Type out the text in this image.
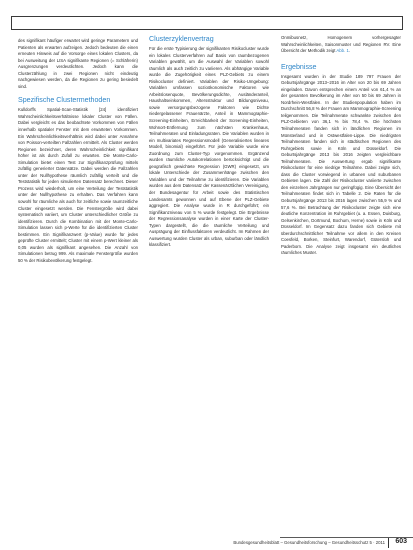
des signifikant häufiger erwartet wird geringe Parametern und Patienten als erwarten aufzeigen. Jedoch bedeuten die einen erneuten Hinweis auf die Vorsorge eines lokalen Clusters, da bei Ausweitung der LISA signifikante Regionen (= Schläfrerin) Ausgrenzungen verdeutlichten. Jedoch kann die Clusterzählung in zwei Regionen nicht eindeutig nachgewiesen werden, da die Regionen zu gering besiedelt sind.

Spezifische Clustermethoden

Kulldorffs Spatial-Scan-Statistik [24] identifiziert Wahrscheinlichkeitsverhältnisse lokaler Cluster von Fällen. Dabei vergleicht es das beobachtete Vorkommen von Fällen innerhalb spatialer Fenster mit dem erwarteten Vorkommen. Ein Wahrscheinlichkeitsverhältnis wird dabei unter Annahme von Poisson-verteilten Fallzahlen ermittelt. Als Cluster werden Regionen bezeichnet, deren Wahrscheinlichkeit signifikant höher ist als durch Zufall zu erwarten. Die Monte-Carlo-Simulation bietet einen Test zur Signifikanzprüfung mittels zufällig generierter Datensätze. Dabei werden die Fallzahlen unter der Nullhypothese räumlich zufällig verteilt und die Teststatistik für jeden simulierten Datensatz berechnet. Dieser Prozess wird wiederholt, um eine Verteilung der Teststatistik unter der Nullhypothese zu erhalten. Das Verfahren kann sowohl für räumliche als auch für zeitliche sowie raumzeitliche Cluster eingesetzt werden. Die Fenstergröße wird dabei systematisch variiert, um Cluster unterschiedlicher Größe zu identifizieren. Durch die Kombination mit der Monte-Carlo-Simulation lassen sich p-Werte für die identifizierten Cluster bestimmen. Ein Signifikanzwert (p-Value) wurde für jedes geprüfte Cluster ermittelt; Cluster mit einem p-Wert kleiner als 0,05 wurden als signifikant angesehen. Die Anzahl von Simulationen betrug 999. Als maximale Fenstergröße wurden 50 % der Risikobevölkerung festgelegt.

Clusterzyklenvertrag

Für die erste Typisierung der signifikanten Risikocluster wurde ein lokales Clusterverfahren auf Basis von raumbezogenen Variablen gewählt, um die Auswahl der Variablen sowohl räumlich als auch zeitlich zu variieren. Als abhängige Variable wurde die Zugehörigkeit eines PLZ-Gebiets zu einem Risikocluster definiert. Variablen der Risiko-Umgebung: Variablen umfassen sozioökonomische Faktoren wie Arbeitslosenquote, Bevölkerungsdichte, Ausländeranteil, Haushaltseinkommen, Altersstruktur und Bildungsniveau, sowie versorgungsbezogene Faktoren wie Dichte niedergelassener Frauenärzte, Anteil in Mammographie-Screening-Einheiten, Erreichbarkeit der Screening-Einheiten, Wohnort-Entfernung zum nächsten Krankenhaus, Teilnahmeraten und Einladungsraten. Die Variablen wurden in ein multivariates Regressionsmodell (Generalisiertes lineares Modell, binomial) eingeführt. Für jede Variable wurde eine Zuordnung zum Cluster-Typ vorgenommen. Ergänzend wurden räumliche Autokorrelationen berücksichtigt und die geografisch gewichtete Regression (GWR) eingesetzt, um lokale Unterschiede der Zusammenhänge zwischen den Variablen und der Teilnahme zu identifizieren. Die Variablen wurden aus dem Datensatz der Kassenärztlichen Vereinigung, der Bundesagentur für Arbeit sowie des Statistischen Landesamts gewonnen und auf Ebene der PLZ-Gebiete aggregiert. Die Analyse wurde in R durchgeführt; ein Signifikanzniveau von 5 % wurde festgelegt. Die Ergebnisse der Regressionsanalyse wurden in einer Karte der Cluster-Typen dargestellt, die die räumliche Verteilung und Ausprägung der Einflussfaktoren verdeutlicht. Im Rahmen der Auswertung wurden Cluster als urban, suburban oder ländlich klassifiziert.

Onmibusnetz, Homogenem vorhergesagter Wahrscheinlichkeiten, Saisonmuster und Regionen RV. Eine Übersicht der Methodik zeigt Abb. 1.

Ergebnisse

Insgesamt wurden in der Studie 189 797 Frauen der Geburtsjahrgänge 2013–2016 im Alter von 20 bis 69 Jahren eingeladen. Davon entsprechen einem Anteil von 61,4 % an der gesamten Bevölkerung im Alter von 50 bis 69 Jahren in Nordrhein-Westfalen. In der Studienpopulation haben im Durchschnitt 56,8 % der Frauen am Mammographie-Screening teilgenommen. Die Teilnahmerate schwankte zwischen den PLZ-Gebieten von 36,1 % bis 78,4 %. Die höchsten Teilnahmeraten fanden sich in ländlichen Regionen im Münsterland und in Ostwestfalen-Lippe. Die niedrigsten Teilnahmeraten fanden sich in städtischen Regionen des Ruhrgebiets sowie in Köln und Düsseldorf. Die Geburtsjahrgänge 2013 bis 2016 zeigten vergleichbare Teilnahmeraten. Die Auswertung ergab signifikante Risikocluster für eine niedrige Teilnahme. Dabei zeigte sich, dass die Cluster vorwiegend in urbanen und suburbanen Gebieten lagen. Die Zahl der Risikocluster variierte zwischen den einzelnen Jahrgängen nur geringfügig. Eine Übersicht der Teilnahmeraten findet sich in Tabelle 2. Die Raten für die Geburtsjahrgänge 2013 bis 2016 lagen zwischen 55,9 % und 57,6 %. Bei Betrachtung der Risikocluster zeigte sich eine deutliche Konzentration im Ruhrgebiet (u. a. Essen, Duisburg, Gelsenkirchen, Dortmund, Bochum, Herne) sowie in Köln und Düsseldorf. Im Gegensatz dazu fanden sich Gebiete mit überdurchschnittlicher Teilnahme vor allem in den Kreisen Coesfeld, Borken, Steinfurt, Warendorf, Gütersloh und Paderborn. Die Analyse zeigt insgesamt ein deutliches räumliches Muster.

Bundesgesundheitsblatt – Gesundheitsforschung – Gesundheitsschutz 5 · 2011 603
